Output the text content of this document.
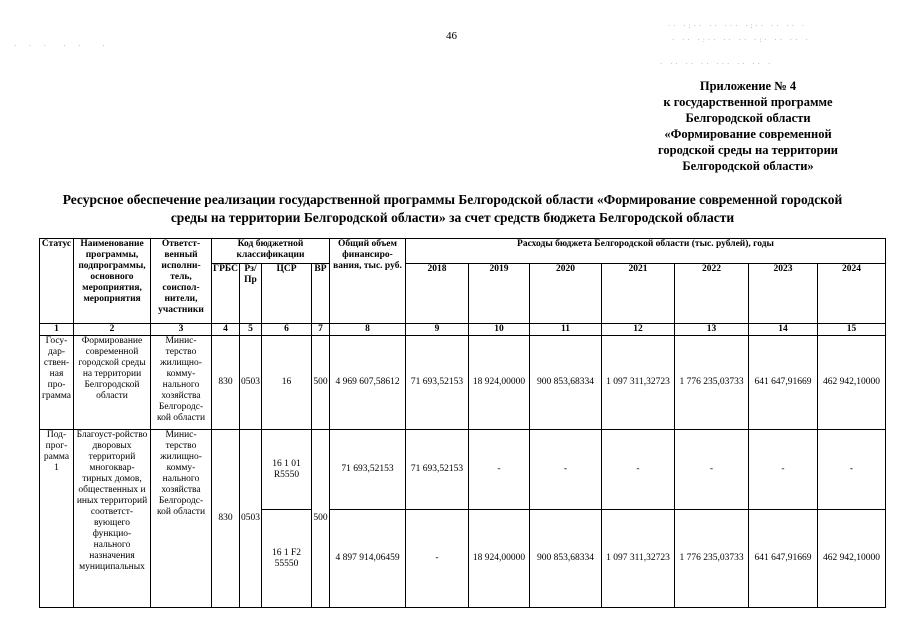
·  ·  ·   ·  ·    ·
·· ·:·· ·· ··· ·:·· ·· ·· ·
· ·· ·:·· ·· ·· ·:· ·· ·· ·
· ·· ·· ·· ··· ·· ·· ·
46
Приложение № 4
к государственной программе
Белгородской области
«Формирование современной
городской среды на территории
Белгородской области»
Ресурсное обеспечение реализации государственной программы Белгородской области «Формирование современной городской
среды на территории Белгородской области» за счет средств бюджета Белгородской области
Статус	Наименование программы, подпрограммы, основного мероприятия, мероприятия	Ответст-венный исполни-тель, соиспол-нители, участники	Код бюджетной классификации				Общий объем финансиро-вания, тыс. руб.	Расходы бюджета Белгородской области (тыс. рублей), годы						
			ГРБС	Рз/ Пр	ЦСР	ВР		2018	2019	2020	2021	2022	2023	2024
1	2	3	4	5	6	7	8	9	10	11	12	13	14	15
Госу-дар-ствен-ная про-грамма	Формирование современной городской среды на территории Белгородской области	Минис-терство жилищно-комму-нального хозяйства Белгородс-кой области	830	0503	16	500	4 969 607,58612	71 693,52153	18 924,00000	900 853,68334	1 097 311,32723	1 776 235,03733	641 647,91669	462 942,10000
Под-прог-рамма 1	Благоуст-ройство дворовых территорий многоквар-тирных домов, общественных и иных территорий соответст-вующего функцио-нального назначения муниципальных	Минис-терство жилищно-комму-нального хозяйства Белгородс-кой области	830	0503	16 1 01 R5550	500	71 693,52153	71 693,52153	-	-	-	-	-	-
					16 1 F2 55550		4 897 914,06459	-	18 924,00000	900 853,68334	1 097 311,32723	1 776 235,03733	641 647,91669	462 942,10000
